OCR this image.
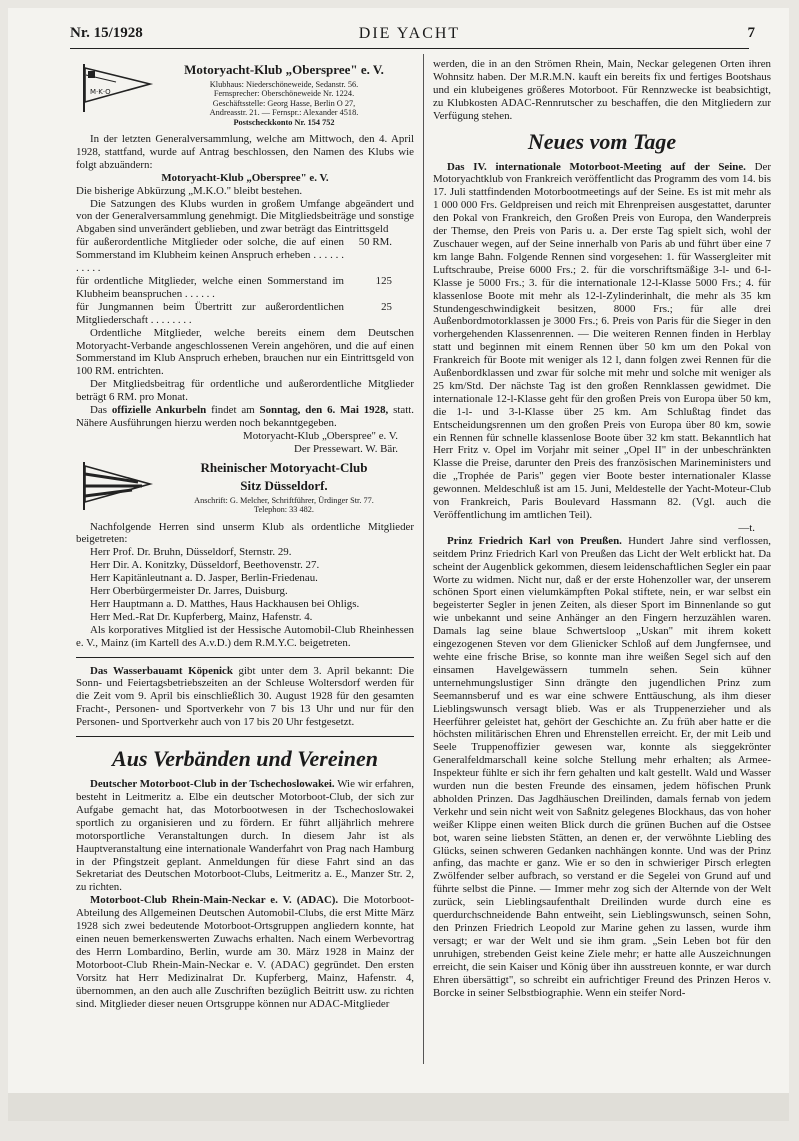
Nr. 15/1928	DIE YACHT	7
M·K·O
Motoryacht-Klub „Oberspree" e. V.
Klubhaus: Niederschöneweide, Sedanstr. 56.
Fernsprecher: Oberschöneweide Nr. 1224.
Geschäftsstelle: Georg Hasse, Berlin O 27,
Andreasstr. 21. — Fernspr.: Alexander 4518.
Postscheckkonto Nr. 154 752

In der letzten Generalversammlung, welche am Mittwoch, den 4. April 1928, stattfand, wurde auf Antrag beschlossen, den Namen des Klubs wie folgt abzuändern:

Motoryacht-Klub „Oberspree" e. V.

Die bisherige Abkürzung „M.K.O." bleibt bestehen.

Die Satzungen des Klubs wurden in großem Umfange abgeändert und von der Generalversammlung genehmigt. Die Mitgliedsbeiträge und sonstige Abgaben sind unverändert geblieben, und zwar beträgt das Eintrittsgeld

für außerordentliche Mitglieder oder solche, die auf einen Sommerstand im Klubheim keinen Anspruch erheben . . . . . . . . . . .
50 RM.
für ordentliche Mitglieder, welche einen Sommerstand im Klubheim beanspruchen . . . . . .
125
für Jungmannen beim Übertritt zur außerordentlichen Mitgliederschaft . . . . . . . .
25

Ordentliche Mitglieder, welche bereits einem dem Deutschen Motoryacht-Verbande angeschlossenen Verein angehören, und die auf einen Sommerstand im Klub Anspruch erheben, brauchen nur ein Eintrittsgeld von 100 RM. entrichten.

Der Mitgliedsbeitrag für ordentliche und außerordentliche Mitglieder beträgt 6 RM. pro Monat.

Das offizielle Ankurbeln findet am Sonntag, den 6. Mai 1928, statt. Nähere Ausführungen hierzu werden noch bekanntgegeben.

Motoryacht-Klub „Oberspree" e. V.

Der Pressewart. W. Bär.

Rheinischer Motoryacht-Club
Sitz Düsseldorf.
Anschrift: G. Melcher, Schriftführer, Ürdinger Str. 77.
Telephon: 33 482.

Nachfolgende Herren sind unserm Klub als ordentliche Mitglieder beigetreten:

Herr Prof. Dr. Bruhn, Düsseldorf, Sternstr. 29.

Herr Dir. A. Konitzky, Düsseldorf, Beethovenstr. 27.

Herr Kapitänleutnant a. D. Jasper, Berlin-Friedenau.

Herr Oberbürgermeister Dr. Jarres, Duisburg.

Herr Hauptmann a. D. Matthes, Haus Hackhausen bei Ohligs.

Herr Med.-Rat Dr. Kupferberg, Mainz, Hafenstr. 4.

Als korporatives Mitglied ist der Hessische Automobil-Club Rheinhessen e. V., Mainz (im Kartell des A.v.D.) dem R.M.Y.C. beigetreten.

Das Wasserbauamt Köpenick gibt unter dem 3. April bekannt: Die Sonn- und Feiertagsbetriebszeiten an der Schleuse Woltersdorf werden für die Zeit vom 9. April bis einschließlich 30. August 1928 für den gesamten Fracht-, Personen- und Sportverkehr von 7 bis 13 Uhr und nur für den Personen- und Sportverkehr auch von 17 bis 20 Uhr festgesetzt.

Aus Verbänden und Vereinen

Deutscher Motorboot-Club in der Tschechoslowakei. Wie wir erfahren, besteht in Leitmeritz a. Elbe ein deutscher Motorboot-Club, der sich zur Aufgabe gemacht hat, das Motorbootwesen in der Tschechoslowakei sportlich zu organisieren und zu fördern. Er führt alljährlich mehrere motorsportliche Veranstaltungen durch. In diesem Jahr ist als Hauptveranstaltung eine internationale Wanderfahrt von Prag nach Hamburg in der Pfingstzeit geplant. Anmeldungen für diese Fahrt sind an das Sekretariat des Deutschen Motorboot-Clubs, Leitmeritz a. E., Manzer Str. 2, zu richten.

Motorboot-Club Rhein-Main-Neckar e. V. (ADAC). Die Motorboot-Abteilung des Allgemeinen Deutschen Automobil-Clubs, die erst Mitte März 1928 sich zwei bedeutende Motorboot-Ortsgruppen angliedern konnte, hat einen neuen bemerkenswerten Zuwachs erhalten. Nach einem Werbevortrag des Herrn Lombardino, Berlin, wurde am 30. März 1928 in Mainz der Motorboot-Club Rhein-Main-Neckar e. V. (ADAC) gegründet. Den ersten Vorsitz hat Herr Medizinalrat Dr. Kupferberg, Mainz, Hafenstr. 4, übernommen, an den auch alle Zuschriften bezüglich Beitritt usw. zu richten sind. Mitglieder dieser neuen Ortsgruppe können nur ADAC-Mitglieder

werden, die in an den Strömen Rhein, Main, Neckar gelegenen Orten ihren Wohnsitz haben. Der M.R.M.N. kauft ein bereits fix und fertiges Bootshaus und ein klubeigenes größeres Motorboot. Für Rennzwecke ist beabsichtigt, zu Klubkosten ADAC-Rennrutscher zu beschaffen, die den Mitgliedern zur Verfügung stehen.

Neues vom Tage

Das IV. internationale Motorboot-Meeting auf der Seine. Der Motoryachtklub von Frankreich veröffentlicht das Programm des vom 14. bis 17. Juli stattfindenden Motorbootmeetings auf der Seine. Es ist mit mehr als 1 000 000 Frs. Geldpreisen und reich mit Ehrenpreisen ausgestattet, darunter den Pokal von Frankreich, den Großen Preis von Europa, den Wanderpreis der Themse, den Preis von Paris u. a. Der erste Tag spielt sich, wohl der Zuschauer wegen, auf der Seine innerhalb von Paris ab und führt über eine 7 km lange Bahn. Folgende Rennen sind vorgesehen: 1. für Wassergleiter mit Luftschraube, Preise 6000 Frs.; 2. für die vorschriftsmäßige 3-l- und 6-l-Klasse je 5000 Frs.; 3. für die internationale 12-l-Klasse 5000 Frs.; 4. für klassenlose Boote mit mehr als 12-l-Zylinderinhalt, die mehr als 35 km Stundengeschwindigkeit besitzen, 8000 Frs.; für alle drei Außenbordmotorklassen je 3000 Frs.; 6. Preis von Paris für die Sieger in den vorhergehenden Klassenrennen. — Die weiteren Rennen finden in Herblay statt und beginnen mit einem Rennen über 50 km um den Pokal von Frankreich für Boote mit weniger als 12 l, dann folgen zwei Rennen für die Außenbordklassen und zwar für solche mit mehr und solche mit weniger als 25 km/Std. Der nächste Tag ist den großen Rennklassen gewidmet. Die internationale 12-l-Klasse geht für den großen Preis von Europa über 50 km, die 1-l- und 3-l-Klasse über 25 km. Am Schlußtag findet das Entscheidungsrennen um den großen Preis von Europa über 80 km, sowie ein Rennen für schnelle klassenlose Boote über 32 km statt. Bekanntlich hat Herr Fritz v. Opel im Vorjahr mit seiner „Opel II" in der unbeschränkten Klasse die Preise, darunter den Preis des französischen Marineministers und die „Trophée de Paris" gegen vier Boote bester internationaler Klasse gewonnen. Meldeschluß ist am 15. Juni, Meldestelle der Yacht-Moteur-Club von Frankreich, Paris Boulevard Hassmann 82. (Vgl. auch die Veröffentlichung im amtlichen Teil).

—t.

Prinz Friedrich Karl von Preußen. Hundert Jahre sind verflossen, seitdem Prinz Friedrich Karl von Preußen das Licht der Welt erblickt hat. Da scheint der Augenblick gekommen, diesem leidenschaftlichen Segler ein paar Worte zu widmen. Nicht nur, daß er der erste Hohenzoller war, der unserem schönen Sport einen vielumkämpften Pokal stiftete, nein, er war selbst ein begeisterter Segler in jenen Zeiten, als dieser Sport im Binnenlande so gut wie unbekannt und seine Anhänger an den Fingern herzuzählen waren. Damals lag seine blaue Schwertsloop „Uskan" mit ihrem kokett eingezogenen Steven vor dem Glienicker Schloß auf dem Jungfernsee, und wehte eine frische Brise, so konnte man ihre weißen Segel sich auf den einsamen Havelgewässern tummeln sehen. Sein kühner unternehmungslustiger Sinn drängte den jugendlichen Prinz zum Seemannsberuf und es war eine schwere Enttäuschung, als ihm dieser Lieblingswunsch versagt blieb. Was er als Truppenerzieher und als Heerführer geleistet hat, gehört der Geschichte an. Zu früh aber hatte er die höchsten militärischen Ehren und Ehrenstellen erreicht. Er, der mit Leib und Seele Truppenoffizier gewesen war, konnte als sieggekrönter Generalfeldmarschall keine solche Stellung mehr erhalten; als Armee-Inspekteur fühlte er sich ihr fern gehalten und kalt gestellt. Wald und Wasser wurden nun die besten Freunde des einsamen, jedem höfischen Prunk abholden Prinzen. Das Jagdhäuschen Dreilinden, damals fernab von jedem Verkehr und sein nicht weit von Saßnitz gelegenes Blockhaus, das von hoher weißer Klippe einen weiten Blick durch die grünen Buchen auf die Ostsee bot, waren seine liebsten Stätten, an denen er, der verwöhnte Liebling des Glücks, seinen schweren Gedanken nachhängen konnte. Und was der Prinz anfing, das machte er ganz. Wie er so den in schwieriger Pirsch erlegten Zwölfender selber aufbrach, so verstand er die Segelei von Grund auf und führte selbst die Pinne. — Immer mehr zog sich der Alternde von der Welt zurück, sein Lieblingsaufenthalt Dreilinden wurde durch eine es querdurchschneidende Bahn entweiht, sein Lieblingswunsch, seinen Sohn, den Prinzen Friedrich Leopold zur Marine gehen zu lassen, wurde ihm versagt; er war der Welt und sie ihm gram. „Sein Leben bot für den unruhigen, strebenden Geist keine Ziele mehr; er hatte alle Auszeichnungen erreicht, die sein Kaiser und König über ihn ausstreuen konnte, er war durch Ehren übersättigt", so schreibt ein aufrichtiger Freund des Prinzen Heros v. Borcke in seiner Selbstbiographie. Wenn ein steifer Nord-
